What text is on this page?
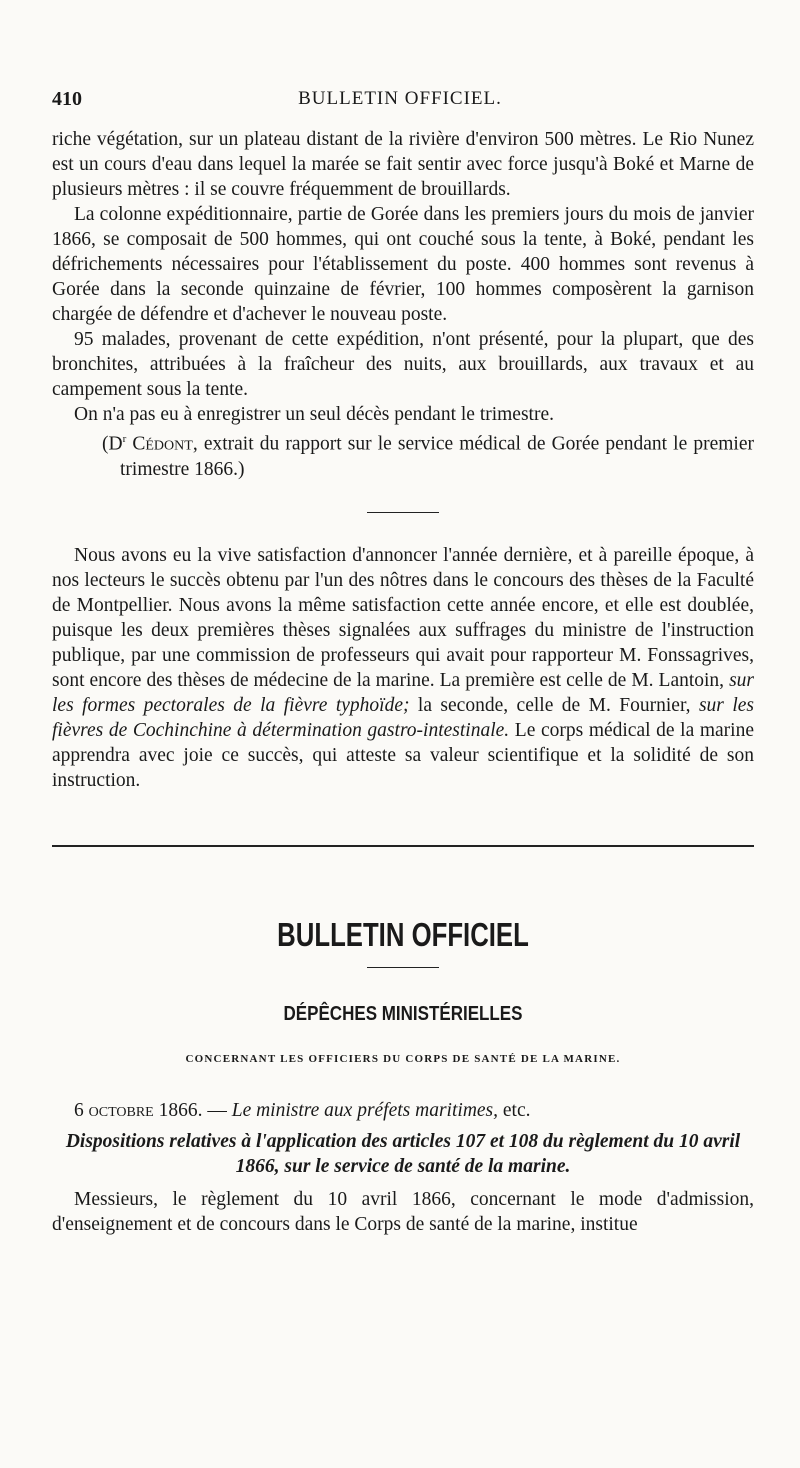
410	BULLETIN OFFICIEL.

riche végétation, sur un plateau distant de la rivière d'environ 500 mètres. Le Rio Nunez est un cours d'eau dans lequel la marée se fait sentir avec force jusqu'à Boké et Marne de plusieurs mètres : il se couvre fréquemment de brouillards.

La colonne expéditionnaire, partie de Gorée dans les premiers jours du mois de janvier 1866, se composait de 500 hommes, qui ont couché sous la tente, à Boké, pendant les défrichements nécessaires pour l'établissement du poste. 400 hommes sont revenus à Gorée dans la seconde quinzaine de février, 100 hommes composèrent la garnison chargée de défendre et d'achever le nouveau poste.

95 malades, provenant de cette expédition, n'ont présenté, pour la plupart, que des bronchites, attribuées à la fraîcheur des nuits, aux brouillards, aux travaux et au campement sous la tente.

On n'a pas eu à enregistrer un seul décès pendant le trimestre.

($D^r$ Cédont, extrait du rapport sur le service médical de Gorée pendant le premier trimestre 1866.)

Nous avons eu la vive satisfaction d'annoncer l'année dernière, et à pareille époque, à nos lecteurs le succès obtenu par l'un des nôtres dans le concours des thèses de la Faculté de Montpellier. Nous avons la même satisfaction cette année encore, et elle est doublée, puisque les deux premières thèses signalées aux suffrages du ministre de l'instruction publique, par une commission de professeurs qui avait pour rapporteur M. Fonssagrives, sont encore des thèses de médecine de la marine. La première est celle de M. Lantoin, sur les formes pectorales de la fièvre typhoïde; la seconde, celle de M. Fournier, sur les fièvres de Cochinchine à détermination gastro-intestinale. Le corps médical de la marine apprendra avec joie ce succès, qui atteste sa valeur scientifique et la solidité de son instruction.

BULLETIN OFFICIEL
DÉPÊCHES MINISTÉRIELLES
CONCERNANT LES OFFICIERS DU CORPS DE SANTÉ DE LA MARINE.

6 octobre 1866. — Le ministre aux préfets maritimes, etc.

Dispositions relatives à l'application des articles 107 et 108 du règlement du 10 avril 1866, sur le service de santé de la marine.

Messieurs, le règlement du 10 avril 1866, concernant le mode d'admission, d'enseignement et de concours dans le Corps de santé de la marine, institue
